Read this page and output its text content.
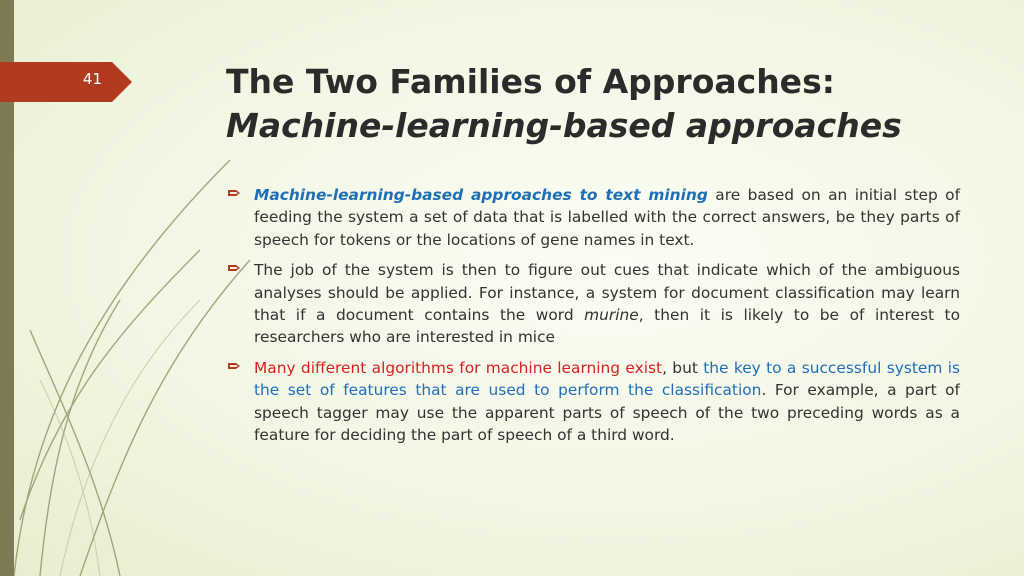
41	The Two Families of Approaches:
Machine-learning-based approaches
Machine-learning-based approaches to text mining are based on an initial step of feeding the system a set of data that is labelled with the correct answers, be they parts of speech for tokens or the locations of gene names in text.
The job of the system is then to figure out cues that indicate which of the ambiguous analyses should be applied. For instance, a system for document classification may learn that if a document contains the word murine, then it is likely to be of interest to researchers who are interested in mice
Many different algorithms for machine learning exist, but the key to a successful system is the set of features that are used to perform the classification. For example, a part of speech tagger may use the apparent parts of speech of the two preceding words as a feature for deciding the part of speech of a third word.
